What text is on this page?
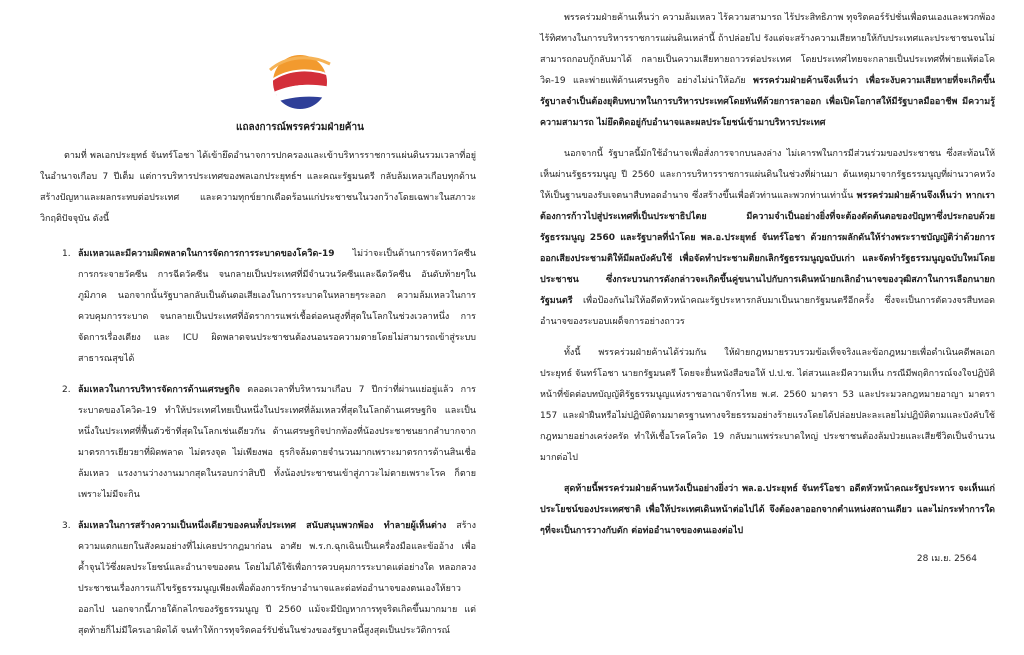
แถลงการณ์พรรคร่วมฝ่ายค้าน

ตามที่ พลเอกประยุทธ์ จันทร์โอชา ได้เข้ายึดอำนาจการปกครองและเข้าบริหารราชการแผ่นดินรวมเวลาที่อยู่ในอำนาจเกือบ 7 ปีเต็ม แต่การบริหารประเทศของพลเอกประยุทธ์ฯ และคณะรัฐมนตรี กลับล้มเหลวเกือบทุกด้าน สร้างปัญหาและผลกระทบต่อประเทศ และความทุกข์ยากเดือดร้อนแก่ประชาชนในวงกว้างโดยเฉพาะในสภาวะวิกฤติปัจจุบัน ดังนี้

1. ล้มเหลวและมีความผิดพลาดในการจัดการการระบาดของโควิด-19 ไม่ว่าจะเป็นด้านการจัดหาวัคซีน การกระจายวัคซีน การฉีดวัคซีน จนกลายเป็นประเทศที่มีจำนวนวัคซีนและฉีดวัคซีน อันดับท้ายๆในภูมิภาค นอกจากนั้นรัฐบาลกลับเป็นต้นตอเสียเองในการระบาดในหลายๆระลอก ความล้มเหลวในการควบคุมการระบาด จนกลายเป็นประเทศที่อัตราการแพร่เชื้อต่อคนสูงที่สุดในโลกในช่วงเวลาหนึ่ง การจัดการเรื่องเตียง และ ICU ผิดพลาดจนประชาชนต้องนอนรอความตายโดยไม่สามารถเข้าสู่ระบบสาธารณสุขได้

2. ล้มเหลวในการบริหารจัดการด้านเศรษฐกิจ ตลอดเวลาที่บริหารมาเกือบ 7 ปีกว่าที่ผ่านแย่อยู่แล้ว การระบาดของโควิด-19 ทำให้ประเทศไทยเป็นหนึ่งในประเทศที่ล้มเหลวที่สุดในโลกด้านเศรษฐกิจ และเป็นหนึ่งในประเทศที่ฟื้นตัวช้าที่สุดในโลกเช่นเดียวกัน ด้านเศรษฐกิจปากท้องที่น้องประชาชนยากลำบากจากมาตรการเยียวยาที่ผิดพลาด ไม่ตรงจุด ไม่เพียงพอ ธุรกิจล้มตายจำนวนมากเพราะมาตรการด้านสินเชื่อล้มเหลว แรงงานว่างงานมากสุดในรอบกว่าสิบปี ทั้งน้องประชาชนเข้าสู่ภาวะไม่ตายเพราะโรค ก็ตายเพราะไม่มีจะกิน

3. ล้มเหลวในการสร้างความเป็นหนึ่งเดียวของคนทั้งประเทศ สนับสนุนพวกพ้อง ทำลายผู้เห็นต่าง สร้างความแตกแยกในสังคมอย่างที่ไม่เคยปรากฏมาก่อน อาศัย พ.ร.ก.ฉุกเฉินเป็นเครื่องมือและข้ออ้าง เพื่อค้ำจุนไว้ซึ่งผลประโยชน์และอำนาจของตน โดยไม่ได้ใช้เพื่อการควบคุมการระบาดแต่อย่างใด หลอกลวงประชาชนเรื่องการแก้ไขรัฐธรรมนูญเพียงเพื่อต้องการรักษาอำนาจและต่อท่ออำนาจของตนเองให้ยาวออกไป นอกจากนี้ภายใต้กลไกของรัฐธรรมนูญ ปี 2560 แม้จะมีปัญหาการทุจริตเกิดขึ้นมากมาย แต่สุดท้ายก็ไม่มีใครเอาผิดได้ จนทำให้การทุจริตคอร์รัปชั่นในช่วงของรัฐบาลนี้สูงสุดเป็นประวัติการณ์

พรรคร่วมฝ่ายค้านเห็นว่า ความล้มเหลว ไร้ความสามารถ ไร้ประสิทธิภาพ ทุจริตคอร์รัปชั่นเพื่อตนเองและพวกพ้อง ไร้ทิศทางในการบริหารราชการแผ่นดินเหล่านี้ ถ้าปล่อยไป รังแต่จะสร้างความเสียหายให้กับประเทศและประชาชนจนไม่สามารถกอบกู้กลับมาได้ กลายเป็นความเสียหายถาวรต่อประเทศ โดยประเทศไทยจะกลายเป็นประเทศที่พ่ายแพ้ต่อโควิด-19 และพ่ายแพ้ด้านเศรษฐกิจ อย่างไม่น่าให้อภัย พรรคร่วมฝ่ายค้านจึงเห็นว่า เพื่อระงับความเสียหายที่จะเกิดขึ้น รัฐบาลจำเป็นต้องยุติบทบาทในการบริหารประเทศโดยทันทีด้วยการลาออก เพื่อเปิดโอกาสให้มีรัฐบาลมืออาชีพ มีความรู้ความสามารถ ไม่ยึดติดอยู่กับอำนาจและผลประโยชน์เข้ามาบริหารประเทศ

นอกจากนี้ รัฐบาลนี้มักใช้อำนาจเพื่อสั่งการจากบนลงล่าง ไม่เคารพในการมีส่วนร่วมของประชาชน ซึ่งสะท้อนให้เห็นผ่านรัฐธรรมนูญ ปี 2560 และการบริหารราชการแผ่นดินในช่วงที่ผ่านมา ต้นเหตุมาจากรัฐธรรมนูญที่ผ่านวาคหวังให้เป็นฐานของรับเจตนาสืบทอดอำนาจ ซึ่งสร้างขึ้นเพื่อตัวท่านและพวกท่านเท่านั้น พรรคร่วมฝ่ายค้านจึงเห็นว่า หากเราต้องการก้าวไปสู่ประเทศที่เป็นประชาธิปไตย มีความจำเป็นอย่างยิ่งที่จะต้องตัดต้นตอของปัญหาซึ่งประกอบด้วยรัฐธรรมนูญ 2560 และรัฐบาลที่นำโดย พล.อ.ประยุทธ์ จันทร์โอชา ด้วยการผลักดันให้ร่างพระราชบัญญัติว่าด้วยการออกเสียงประชามติให้มีผลบังคับใช้ เพื่อจัดทำประชามติยกเลิกรัฐธรรมนูญฉบับเก่า และจัดทำรัฐธรรมนูญฉบับใหม่โดยประชาชน ซึ่งกระบวนการดังกล่าวจะเกิดขึ้นคู่ขนานไปกับการเดินหน้ายกเลิกอำนาจของวุฒิสภาในการเลือกนายกรัฐมนตรี เพื่อป้องกันไม่ให้อดีตหัวหน้าคณะรัฐประหารกลับมาเป็นนายกรัฐมนตรีอีกครั้ง ซึ่งจะเป็นการตัดวงจรสืบทอดอำนาจของระบอบเผด็จการอย่างถาวร

ทั้งนี้ พรรคร่วมฝ่ายค้านได้ร่วมกัน ให้ฝ่ายกฎหมายรวบรวมข้อเท็จจริงและข้อกฎหมายเพื่อดำเนินคดีพลเอกประยุทธ์ จันทร์โอชา นายกรัฐมนตรี โดยจะยื่นหนังสือขอให้ ป.ป.ช. ไต่สวนและมีความเห็น กรณีมีพฤติการณ์จงใจปฏิบัติหน้าที่ขัดต่อบทบัญญัติรัฐธรรมนูญแห่งราชอาณาจักรไทย พ.ศ. 2560 มาตรา 53 และประมวลกฎหมายอาญา มาตรา 157 และฝ่าฝืนหรือไม่ปฏิบัติตามมาตรฐานทางจริยธรรมอย่างร้ายแรงโดยได้ปล่อยปละละเลยไม่ปฏิบัติตามและบังคับใช้กฎหมายอย่างเคร่งครัด ทำให้เชื้อโรคโควิด 19 กลับมาแพร่ระบาดใหญ่ ประชาชนต้องล้มป่วยและเสียชีวิตเป็นจำนวนมากต่อไป

สุดท้ายนี้พรรคร่วมฝ่ายค้านหวังเป็นอย่างยิ่งว่า พล.อ.ประยุทธ์ จันทร์โอชา อดีตหัวหน้าคณะรัฐประหาร จะเห็นแก่ประโยชน์ของประเทศชาติ เพื่อให้ประเทศเดินหน้าต่อไปได้ จึงต้องลาออกจากตำแหน่งสถานเดียว และไม่กระทำการใด ๆที่จะเป็นการวางกับดัก ต่อท่ออำนาจของตนเองต่อไป

28 เม.ย. 2564
